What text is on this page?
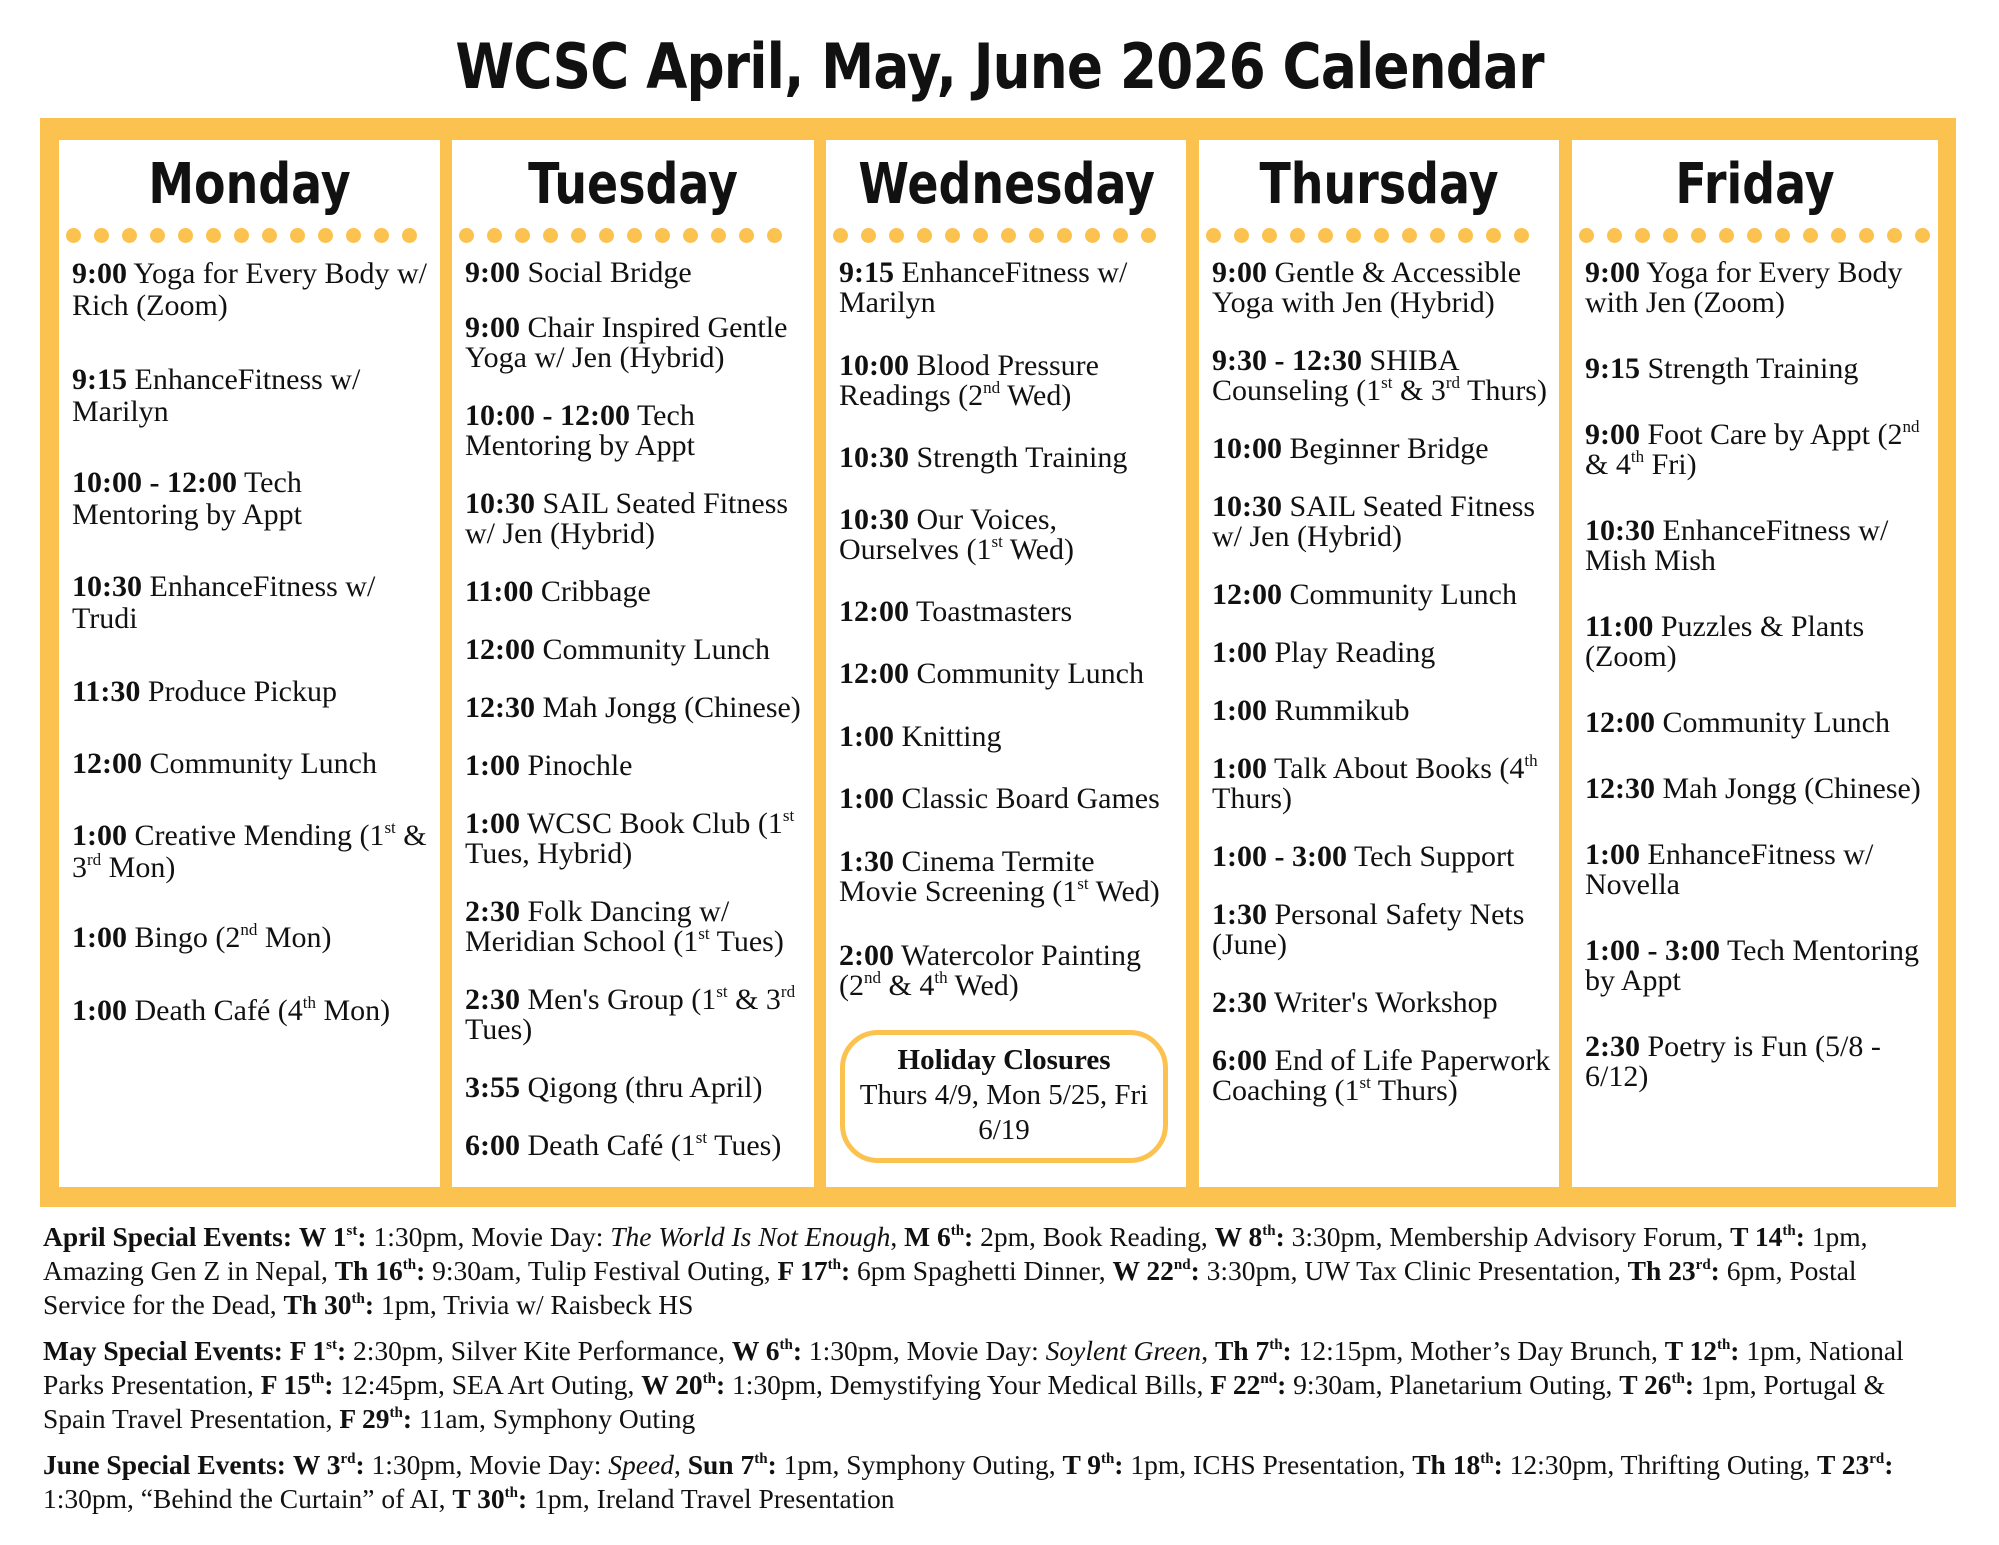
WCSC April, May, June 2026 Calendar
Monday
9:00 Yoga for Every Body w/ Rich (Zoom)
9:15 EnhanceFitness w/ Marilyn
10:00 - 12:00 Tech Mentoring by Appt
10:30 EnhanceFitness w/ Trudi
11:30 Produce Pickup
12:00 Community Lunch
1:00 Creative Mending (1st & 3rd Mon)
1:00 Bingo (2nd Mon)
1:00 Death Café (4th Mon)
Tuesday
9:00 Social Bridge
9:00 Chair Inspired Gentle Yoga w/ Jen (Hybrid)
10:00 - 12:00 Tech Mentoring by Appt
10:30 SAIL Seated Fitness w/ Jen (Hybrid)
11:00 Cribbage
12:00 Community Lunch
12:30 Mah Jongg (Chinese)
1:00 Pinochle
1:00 WCSC Book Club (1st Tues, Hybrid)
2:30 Folk Dancing w/ Meridian School (1st Tues)
2:30 Men's Group (1st & 3rd Tues)
3:55 Qigong (thru April)
6:00 Death Café (1st Tues)
Wednesday
9:15 EnhanceFitness w/ Marilyn
10:00 Blood Pressure Readings (2nd Wed)
10:30 Strength Training
10:30 Our Voices, Ourselves (1st Wed)
12:00 Toastmasters
12:00 Community Lunch
1:00 Knitting
1:00 Classic Board Games
1:30 Cinema Termite Movie Screening (1st Wed)
2:00 Watercolor Painting (2nd & 4th Wed)
Thursday
9:00 Gentle & Accessible Yoga with Jen (Hybrid)
9:30 - 12:30 SHIBA Counseling (1st & 3rd Thurs)
10:00 Beginner Bridge
10:30 SAIL Seated Fitness w/ Jen (Hybrid)
12:00 Community Lunch
1:00 Play Reading
1:00 Rummikub
1:00 Talk About Books (4th Thurs)
1:00 - 3:00 Tech Support
1:30 Personal Safety Nets (June)
2:30 Writer's Workshop
6:00 End of Life Paperwork Coaching (1st Thurs)
Friday
9:00 Yoga for Every Body with Jen (Zoom)
9:15 Strength Training
9:00 Foot Care by Appt (2nd & 4th Fri)
10:30 EnhanceFitness w/ Mish Mish
11:00 Puzzles & Plants (Zoom)
12:00 Community Lunch
12:30 Mah Jongg (Chinese)
1:00 EnhanceFitness w/ Novella
1:00 - 3:00 Tech Mentoring by Appt
2:30 Poetry is Fun (5/8 - 6/12)
Holiday Closures
Thurs 4/9, Mon 5/25, Fri 6/19
April Special Events: W 1st: 1:30pm, Movie Day: The World Is Not Enough, M 6th: 2pm, Book Reading, W 8th: 3:30pm, Membership Advisory Forum, T 14th: 1pm, Amazing Gen Z in Nepal, Th 16th: 9:30am, Tulip Festival Outing, F 17th: 6pm Spaghetti Dinner, W 22nd: 3:30pm, UW Tax Clinic Presentation, Th 23rd: 6pm, Postal Service for the Dead, Th 30th: 1pm, Trivia w/ Raisbeck HS
May Special Events: F 1st: 2:30pm, Silver Kite Performance, W 6th: 1:30pm, Movie Day: Soylent Green, Th 7th: 12:15pm, Mother’s Day Brunch, T 12th: 1pm, National Parks Presentation, F 15th: 12:45pm, SEA Art Outing, W 20th: 1:30pm, Demystifying Your Medical Bills, F 22nd: 9:30am, Planetarium Outing, T 26th: 1pm, Portugal & Spain Travel Presentation, F 29th: 11am, Symphony Outing
June Special Events: W 3rd: 1:30pm, Movie Day: Speed, Sun 7th: 1pm, Symphony Outing, T 9th: 1pm, ICHS Presentation, Th 18th: 12:30pm, Thrifting Outing, T 23rd: 1:30pm, “Behind the Curtain” of AI, T 30th: 1pm, Ireland Travel Presentation
